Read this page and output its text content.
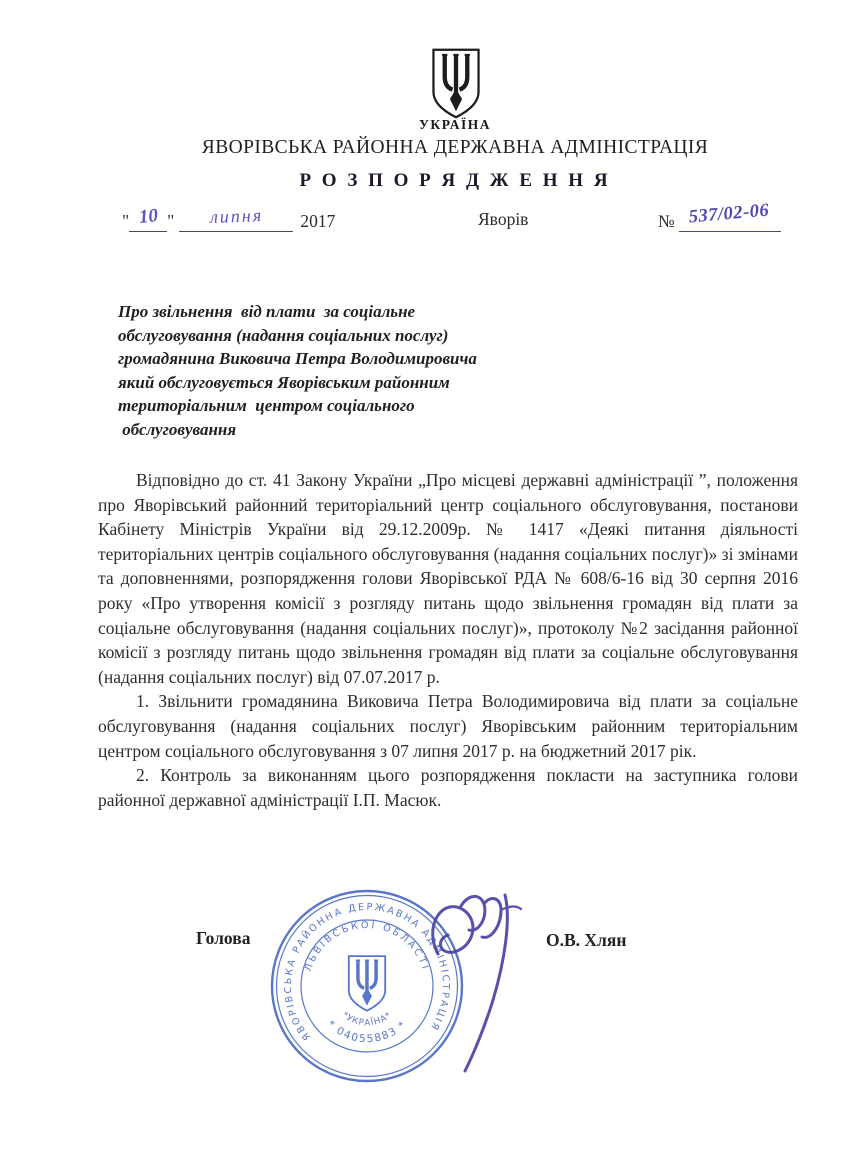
УКРАЇНА
ЯВОРІВСЬКА РАЙОННА ДЕРЖАВНА АДМІНІСТРАЦІЯ
Р О З П О Р Я Д Ж Е Н Н Я
" 10 " липня 2017	Яворів	№ 537/02-06
Про звільнення  від плати  за соціальне
обслуговування (надання соціальних послуг)
громадянина Виковича Петра Володимировича
який обслуговується Яворівським районним
територіальним  центром соціального
обслуговування

Відповідно до ст. 41 Закону України „Про місцеві державні адміністрації ”, положення про Яворівський районний територіальний центр соціального обслуговування, постанови Кабінету Міністрів України від 29.12.2009р. № 1417 «Деякі питання діяльності територіальних центрів соціального обслуговування (надання соціальних послуг)» зі змінами та доповненнями, розпорядження голови Яворівської РДА № 608/6-16 від 30 серпня 2016 року «Про утворення комісії з розгляду питань щодо звільнення громадян від плати за соціальне обслуговування (надання соціальних послуг)», протоколу №2 засідання районної комісії з розгляду питань щодо звільнення громадян від плати за соціальне обслуговування (надання соціальних послуг) від 07.07.2017 р.

1. Звільнити громадянина Виковича Петра Володимировича від плати за соціальне обслуговування (надання соціальних послуг) Яворівським районним територіальним центром соціального обслуговування з 07 липня 2017 р. на бюджетний 2017 рік.

2. Контроль за виконанням цього розпорядження покласти на заступника голови районної державної адміністрації І.П. Масюк.

Голова	О.В. Хлян
ЯВОРІВСЬКА РАЙОННА ДЕРЖАВНА АДМІНІСТРАЦІЯ
ЛЬВІВСЬКОЇ ОБЛАСТІ
* 04055883 *
*УКРАЇНА*
